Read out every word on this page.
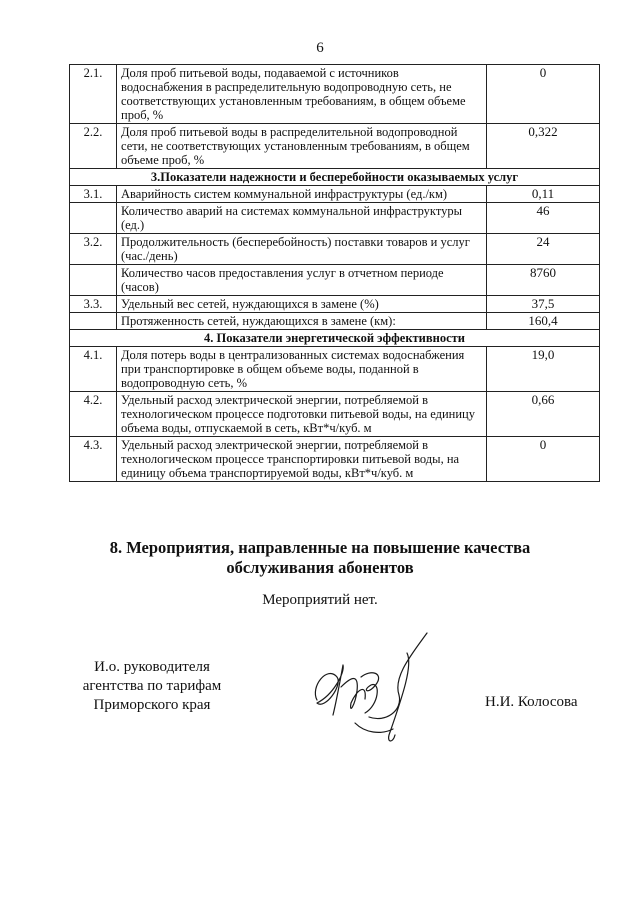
6
2.1.	Доля проб питьевой воды, подаваемой с источников водоснабжения в распределительную водопроводную сеть, не соответствующих установленным требованиям, в общем объеме проб, %	0
2.2.	Доля проб питьевой воды в распределительной водопроводной сети, не соответствующих установленным требованиям, в общем объеме проб, %	0,322
3.Показатели надежности и бесперебойности оказываемых услуг		
3.1.	Аварийность систем коммунальной инфраструктуры (ед./км)	0,11
	Количество аварий на системах коммунальной инфраструктуры (ед.)	46
3.2.	Продолжительность (бесперебойность) поставки товаров и услуг (час./день)	24
	Количество часов предоставления услуг в отчетном периоде (часов)	8760
3.3.	Удельный вес сетей, нуждающихся в замене (%)	37,5
	Протяженность сетей, нуждающихся в замене (км):	160,4
4. Показатели энергетической эффективности		
4.1.	Доля потерь воды в централизованных системах водоснабжения при транспортировке в общем объеме воды, поданной в водопроводную сеть, %	19,0
4.2.	Удельный расход электрической энергии, потребляемой в технологическом процессе подготовки питьевой воды, на единицу объема воды, отпускаемой в сеть, кВт*ч/куб. м	0,66
4.3.	Удельный расход электрической энергии, потребляемой в технологическом процессе транспортировки питьевой воды, на единицу объема транспортируемой воды, кВт*ч/куб. м	0
8. Мероприятия, направленные на повышение качества
обслуживания абонентов
Мероприятий нет.
И.о. руководителя
агентства по тарифам
Приморского края	Н.И. Колосова
